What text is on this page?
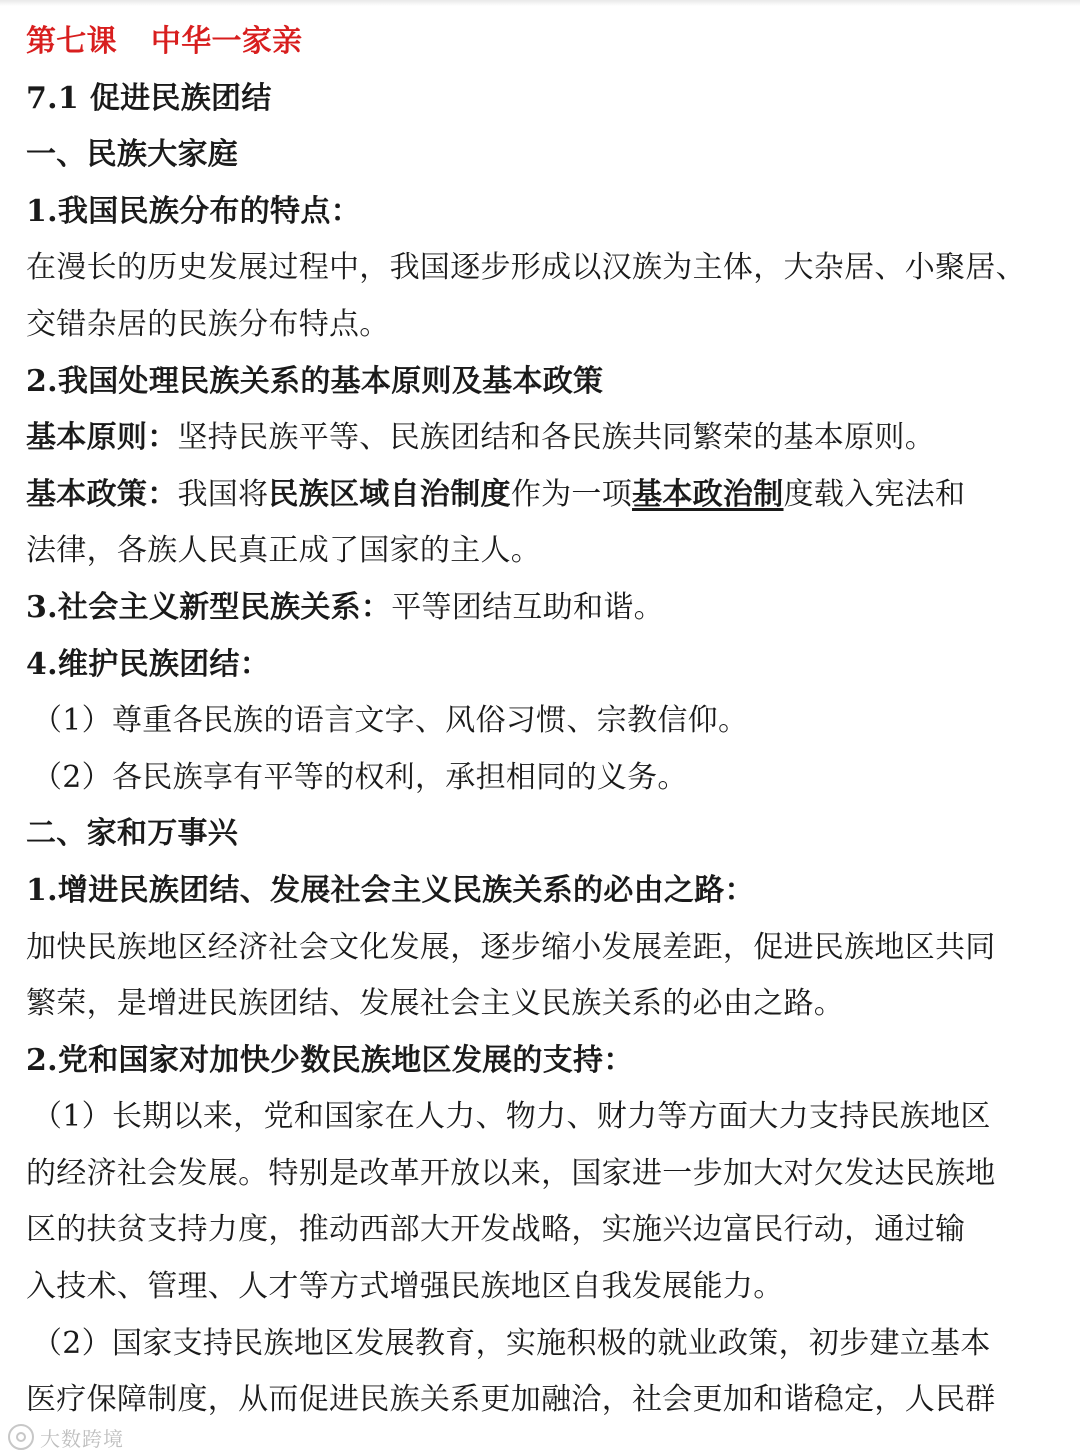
第七课 中华一家亲
7.1 促进民族团结
一、民族大家庭
1.我国民族分布的特点：
在漫长的历史发展过程中，我国逐步形成以汉族为主体，大杂居、小聚居、
交错杂居的民族分布特点。
2.我国处理民族关系的基本原则及基本政策
基本原则：坚持民族平等、民族团结和各民族共同繁荣的基本原则。
基本政策：我国将民族区域自治制度作为一项基本政治制度载入宪法和
法律，各族人民真正成了国家的主人。
3.社会主义新型民族关系：平等团结互助和谐。
4.维护民族团结：
（1）尊重各民族的语言文字、风俗习惯、宗教信仰。
（2）各民族享有平等的权利，承担相同的义务。
二、家和万事兴
1.增进民族团结、发展社会主义民族关系的必由之路：
加快民族地区经济社会文化发展，逐步缩小发展差距，促进民族地区共同
繁荣，是增进民族团结、发展社会主义民族关系的必由之路。
2.党和国家对加快少数民族地区发展的支持：
（1）长期以来，党和国家在人力、物力、财力等方面大力支持民族地区
的经济社会发展。特别是改革开放以来，国家进一步加大对欠发达民族地
区的扶贫支持力度，推动西部大开发战略，实施兴边富民行动，通过输
入技术、管理、人才等方式增强民族地区自我发展能力。
（2）国家支持民族地区发展教育，实施积极的就业政策，初步建立基本
医疗保障制度，从而促进民族关系更加融洽，社会更加和谐稳定，人民群
大数跨境
